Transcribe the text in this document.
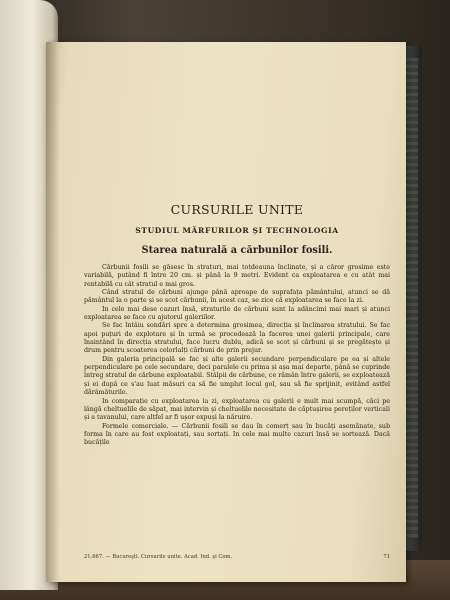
CURSURILE UNITE
STUDIUL MĂRFURILOR ȘI TECHNOLOGIA
Starea naturală a cărbunilor fosili.

Cărbunii fosili se găsesc în straturi, mai totdeauna înclinate, și a căror grosime este variabilă, putând fi între 20 cm. și până la 9 metri. Evident ca exploatarea e cu atât mai rentabilă cu cât stratul e mai gros.

Când stratul de cărbuni ajunge până aproape de suprafața pământului, atunci se dă pământul la o parte și se scot cărbunii, în acest caz, se zice că exploatarea se face la zi.

In cele mai dese cazuri însă, straturile de cărbuni sunt la adâncimi mai mari și atunci exploatarea se face cu ajutorul galeriilor.

Se fac întâiu sondări spre a determina grosimea, direcția și înclinarea stratului. Se fac apoi puțuri de explotare și în urmă se procedează la facerea unei galerii principale, care înaintând în direcția stratului, face lucru dublu, adică se scot și cărbuni și se pregătește și drum pentru scoaterea celorlalți cărbuni de prin prejur.

Din galeria principală se fac și alte galerii secundare perpendiculare pe ea și altele perpendiculare pe cele secundare, deci paralele cu prima și așa mai departe, până se cuprinde întreg stratul de cărbune exploatabil. Stâlpii de cărbune, ce rămân între galerii, se exploatează și ei după ce s'au luat măsuri ca să fie umplut locul gol, sau să fie sprijinit, evitând astfel dărâmăturile.

In comparație cu exploatarea la zi, exploatarea cu galerii e mult mai scumpă, căci pe lângă cheltuelile de săpat, mai intervin și cheltuelile necesitate de căptușirea pereților verticali și a tavanului, care altfel ar fi ușor expuși la năruire.

Formele comerciale. — Cărbunii fosili se dau în comerț sau în bucăți asemănate, sub forma în care au fost exploatați, sau sortați. In cele mai multe cazuri însă se sortează. Dacă bucățile

21.667. — Bucureşti. Cursurile unite. Acad. Ind. şi Com.	71
